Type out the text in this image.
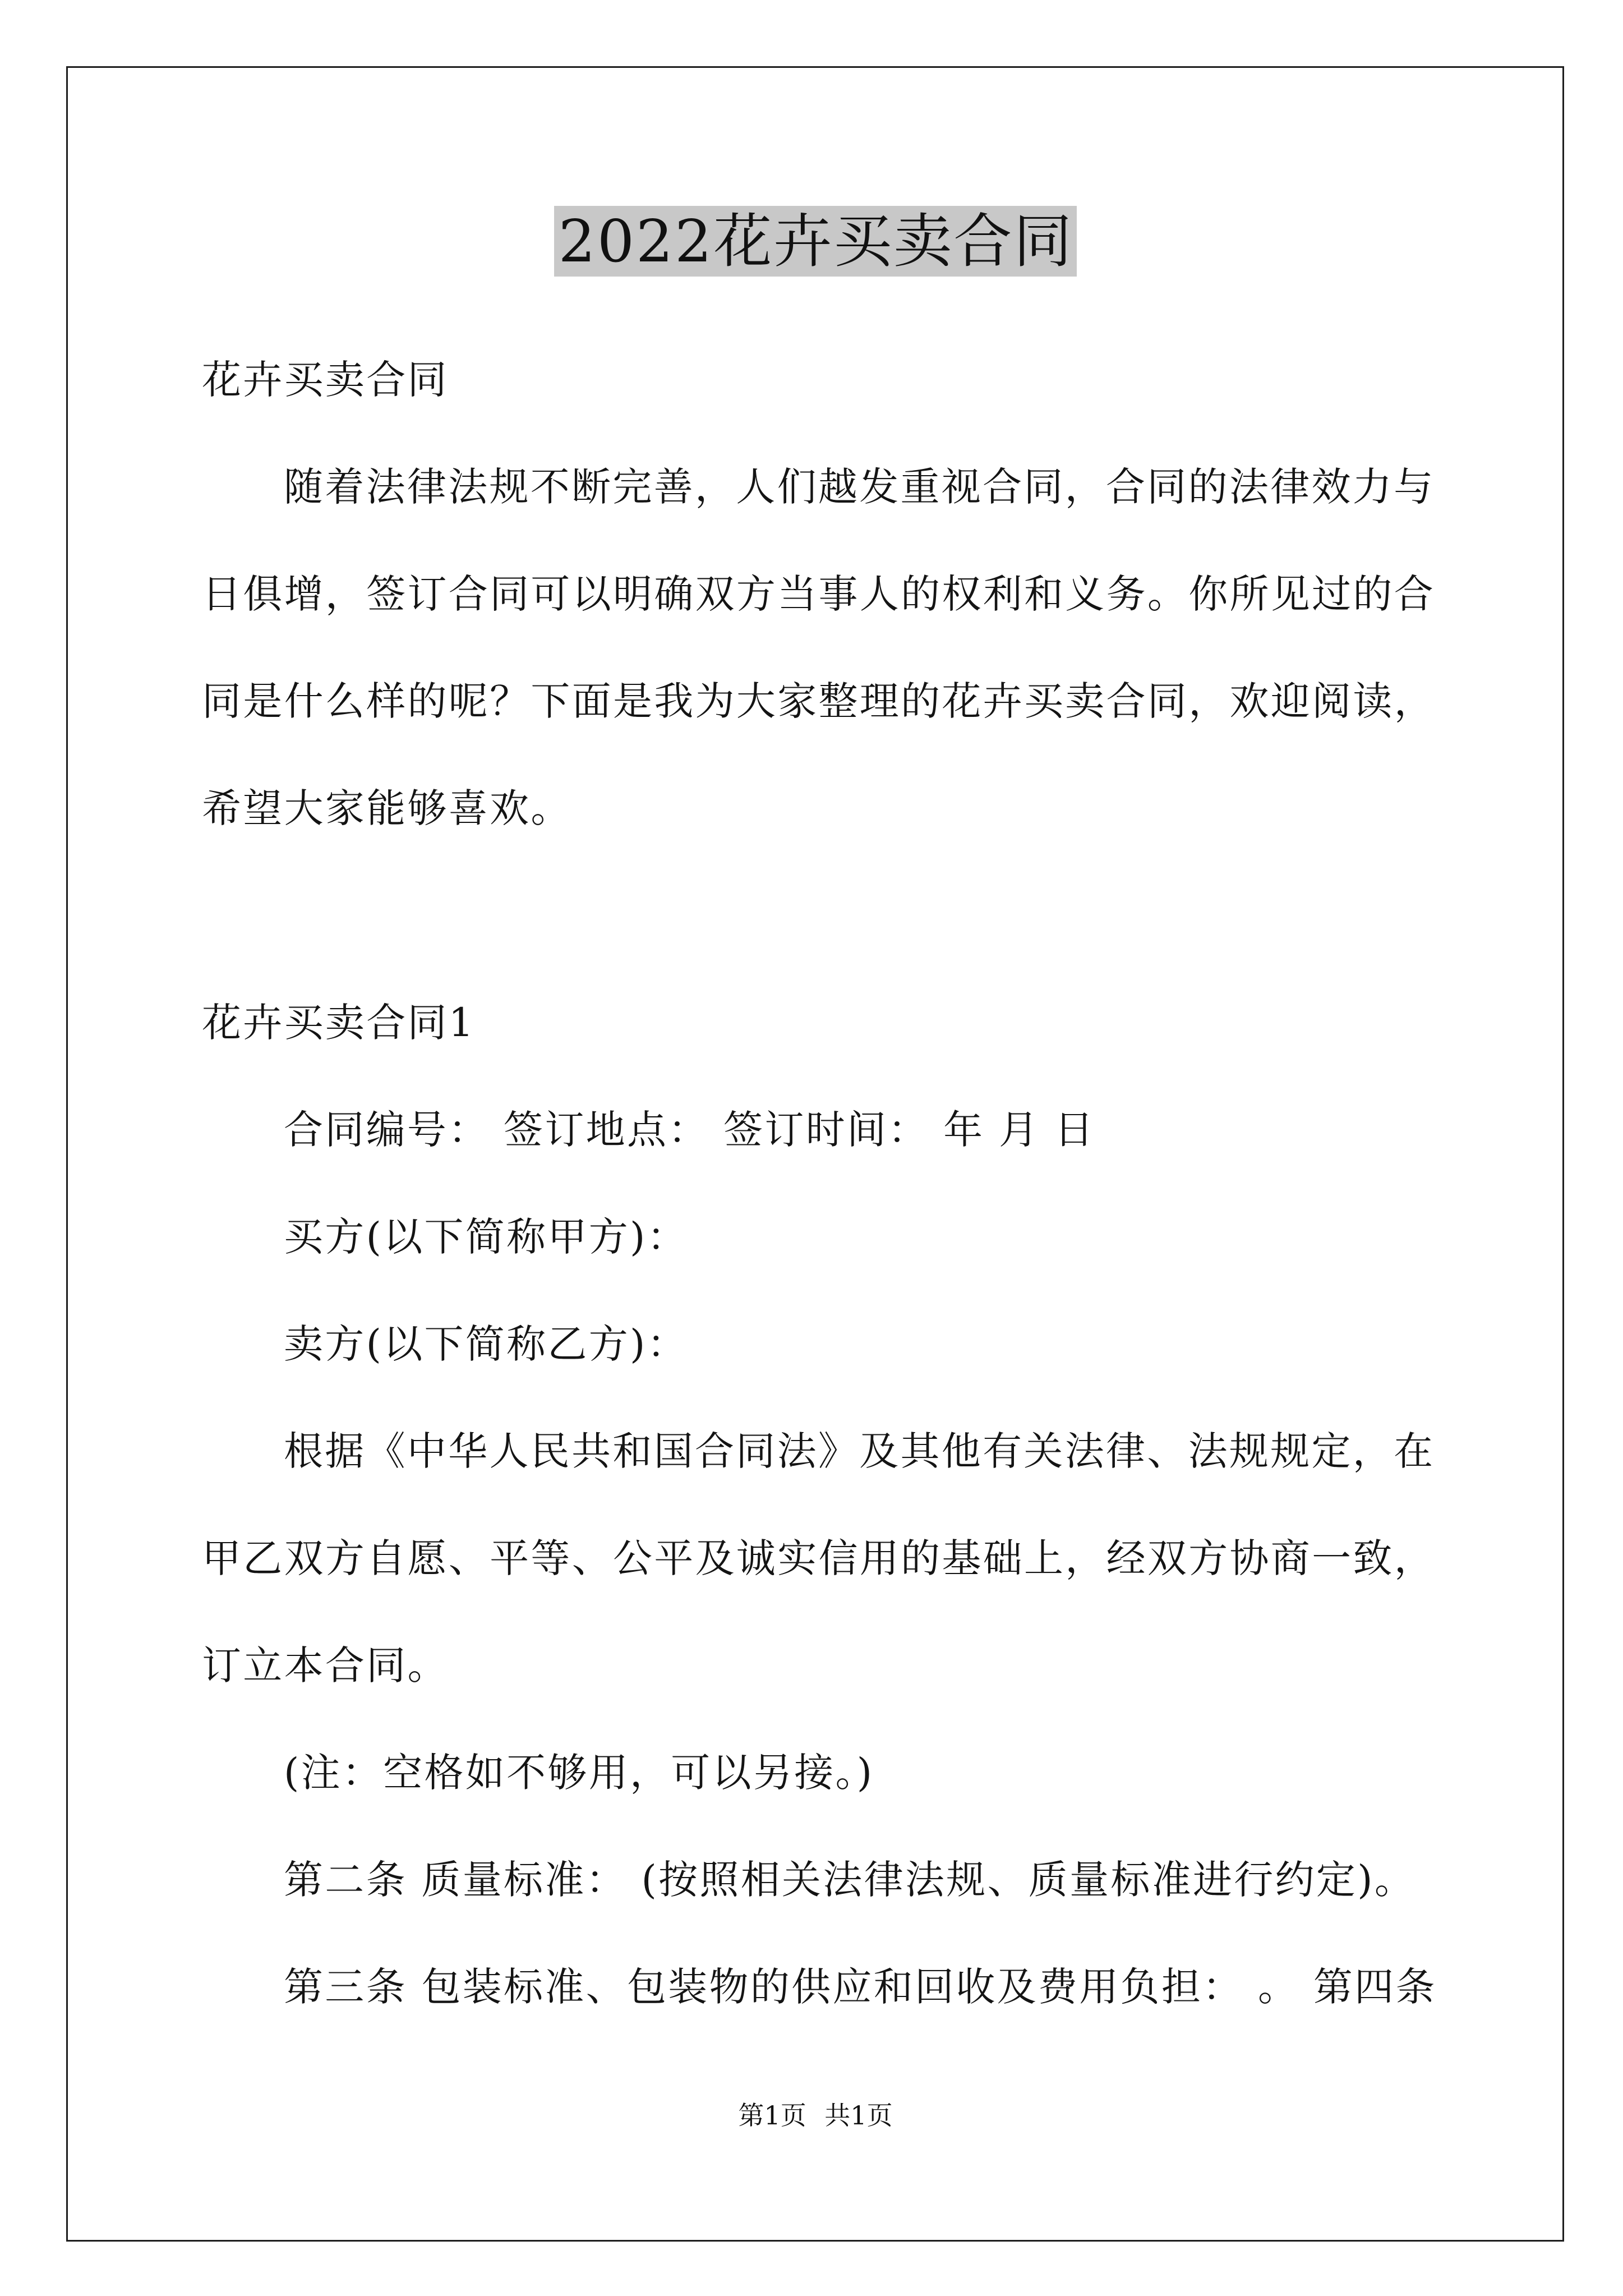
2022花卉买卖合同
花卉买卖合同
随着法律法规不断完善，人们越发重视合同，合同的法律效力与
日俱增，签订合同可以明确双方当事人的权利和义务。你所见过的合
同是什么样的呢？下面是我为大家整理的花卉买卖合同，欢迎阅读，
希望大家能够喜欢。
花卉买卖合同1
合同编号： 签订地点： 签订时间： 年 月 日
买方(以下简称甲方)：
卖方(以下简称乙方)：
根据《中华人民共和国合同法》及其他有关法律、法规规定，在
甲乙双方自愿、平等、公平及诚实信用的基础上，经双方协商一致，
订立本合同。
(注：空格如不够用，可以另接。)
第二条 质量标准： (按照相关法律法规、质量标准进行约定)。
第三条 包装标准、包装物的供应和回收及费用负担： 。 第四条
第1页 共1页
